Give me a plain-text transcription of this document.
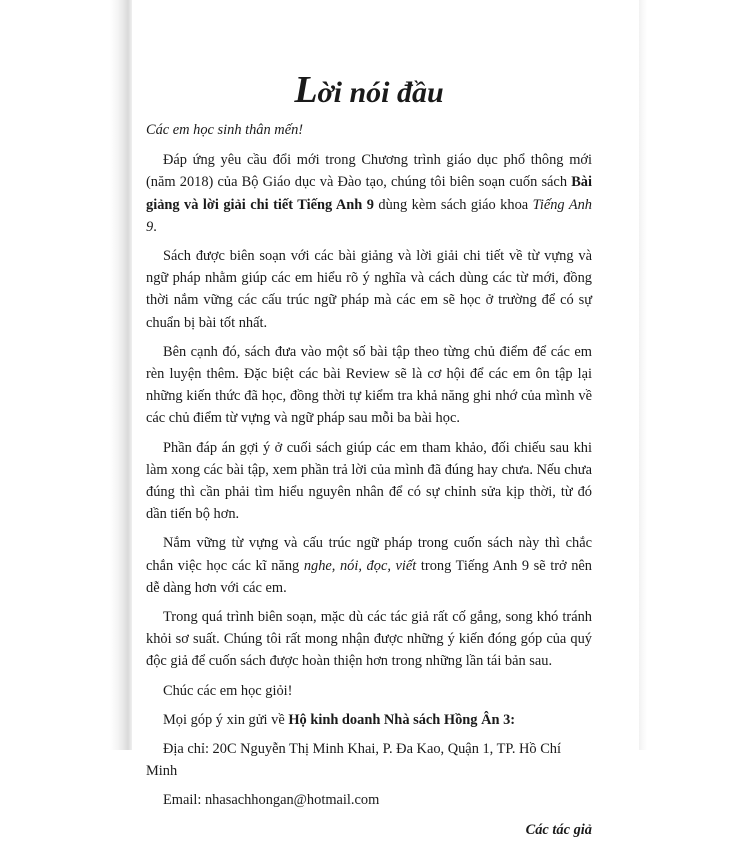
Lời nói đầu
Các em học sinh thân mến!

Đáp ứng yêu cầu đổi mới trong Chương trình giáo dục phổ thông mới (năm 2018) của Bộ Giáo dục và Đào tạo, chúng tôi biên soạn cuốn sách Bài giảng và lời giải chi tiết Tiếng Anh 9 dùng kèm sách giáo khoa Tiếng Anh 9.

Sách được biên soạn với các bài giảng và lời giải chi tiết về từ vựng và ngữ pháp nhằm giúp các em hiểu rõ ý nghĩa và cách dùng các từ mới, đồng thời nắm vững các cấu trúc ngữ pháp mà các em sẽ học ở trường để có sự chuẩn bị bài tốt nhất.

Bên cạnh đó, sách đưa vào một số bài tập theo từng chủ điểm để các em rèn luyện thêm. Đặc biệt các bài Review sẽ là cơ hội để các em ôn tập lại những kiến thức đã học, đồng thời tự kiểm tra khả năng ghi nhớ của mình về các chủ điểm từ vựng và ngữ pháp sau mỗi ba bài học.

Phần đáp án gợi ý ở cuối sách giúp các em tham khảo, đối chiếu sau khi làm xong các bài tập, xem phần trả lời của mình đã đúng hay chưa. Nếu chưa đúng thì cần phải tìm hiểu nguyên nhân để có sự chỉnh sửa kịp thời, từ đó dần tiến bộ hơn.

Nắm vững từ vựng và cấu trúc ngữ pháp trong cuốn sách này thì chắc chắn việc học các kĩ năng nghe, nói, đọc, viết trong Tiếng Anh 9 sẽ trở nên dễ dàng hơn với các em.

Trong quá trình biên soạn, mặc dù các tác giả rất cố gắng, song khó tránh khỏi sơ suất. Chúng tôi rất mong nhận được những ý kiến đóng góp của quý độc giả để cuốn sách được hoàn thiện hơn trong những lần tái bản sau.

Chúc các em học giỏi!
Mọi góp ý xin gửi về Hộ kinh doanh Nhà sách Hồng Ân 3:
Địa chỉ: 20C Nguyễn Thị Minh Khai, P. Đa Kao, Quận 1, TP. Hồ Chí Minh
Email: nhasachhongan@hotmail.com
Các tác giả
